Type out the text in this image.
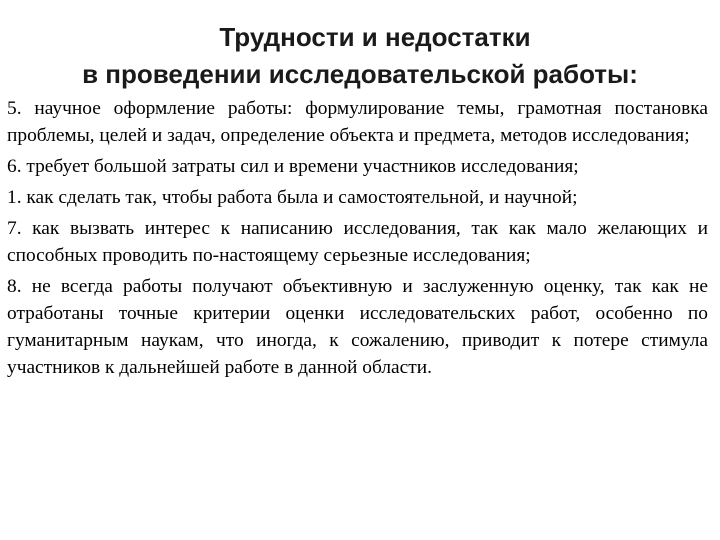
Трудности и недостатки
в проведении исследовательской работы:

5. научное оформление работы: формулирование темы, грамотная постановка проблемы, целей и задач, определение объекта и предмета, методов исследования;

6. требует большой затраты сил и времени участников исследования;

1. как сделать так, чтобы работа была и самостоятельной, и научной;

7. как вызвать интерес к написанию исследования, так как мало желающих и способных проводить по-настоящему серьезные исследования;

8. не всегда работы получают объективную и заслуженную оценку, так как не отработаны точные критерии оценки исследовательских работ, особенно по гуманитарным наукам, что иногда, к сожалению, приводит к потере стимула участников к дальнейшей работе в данной области.
